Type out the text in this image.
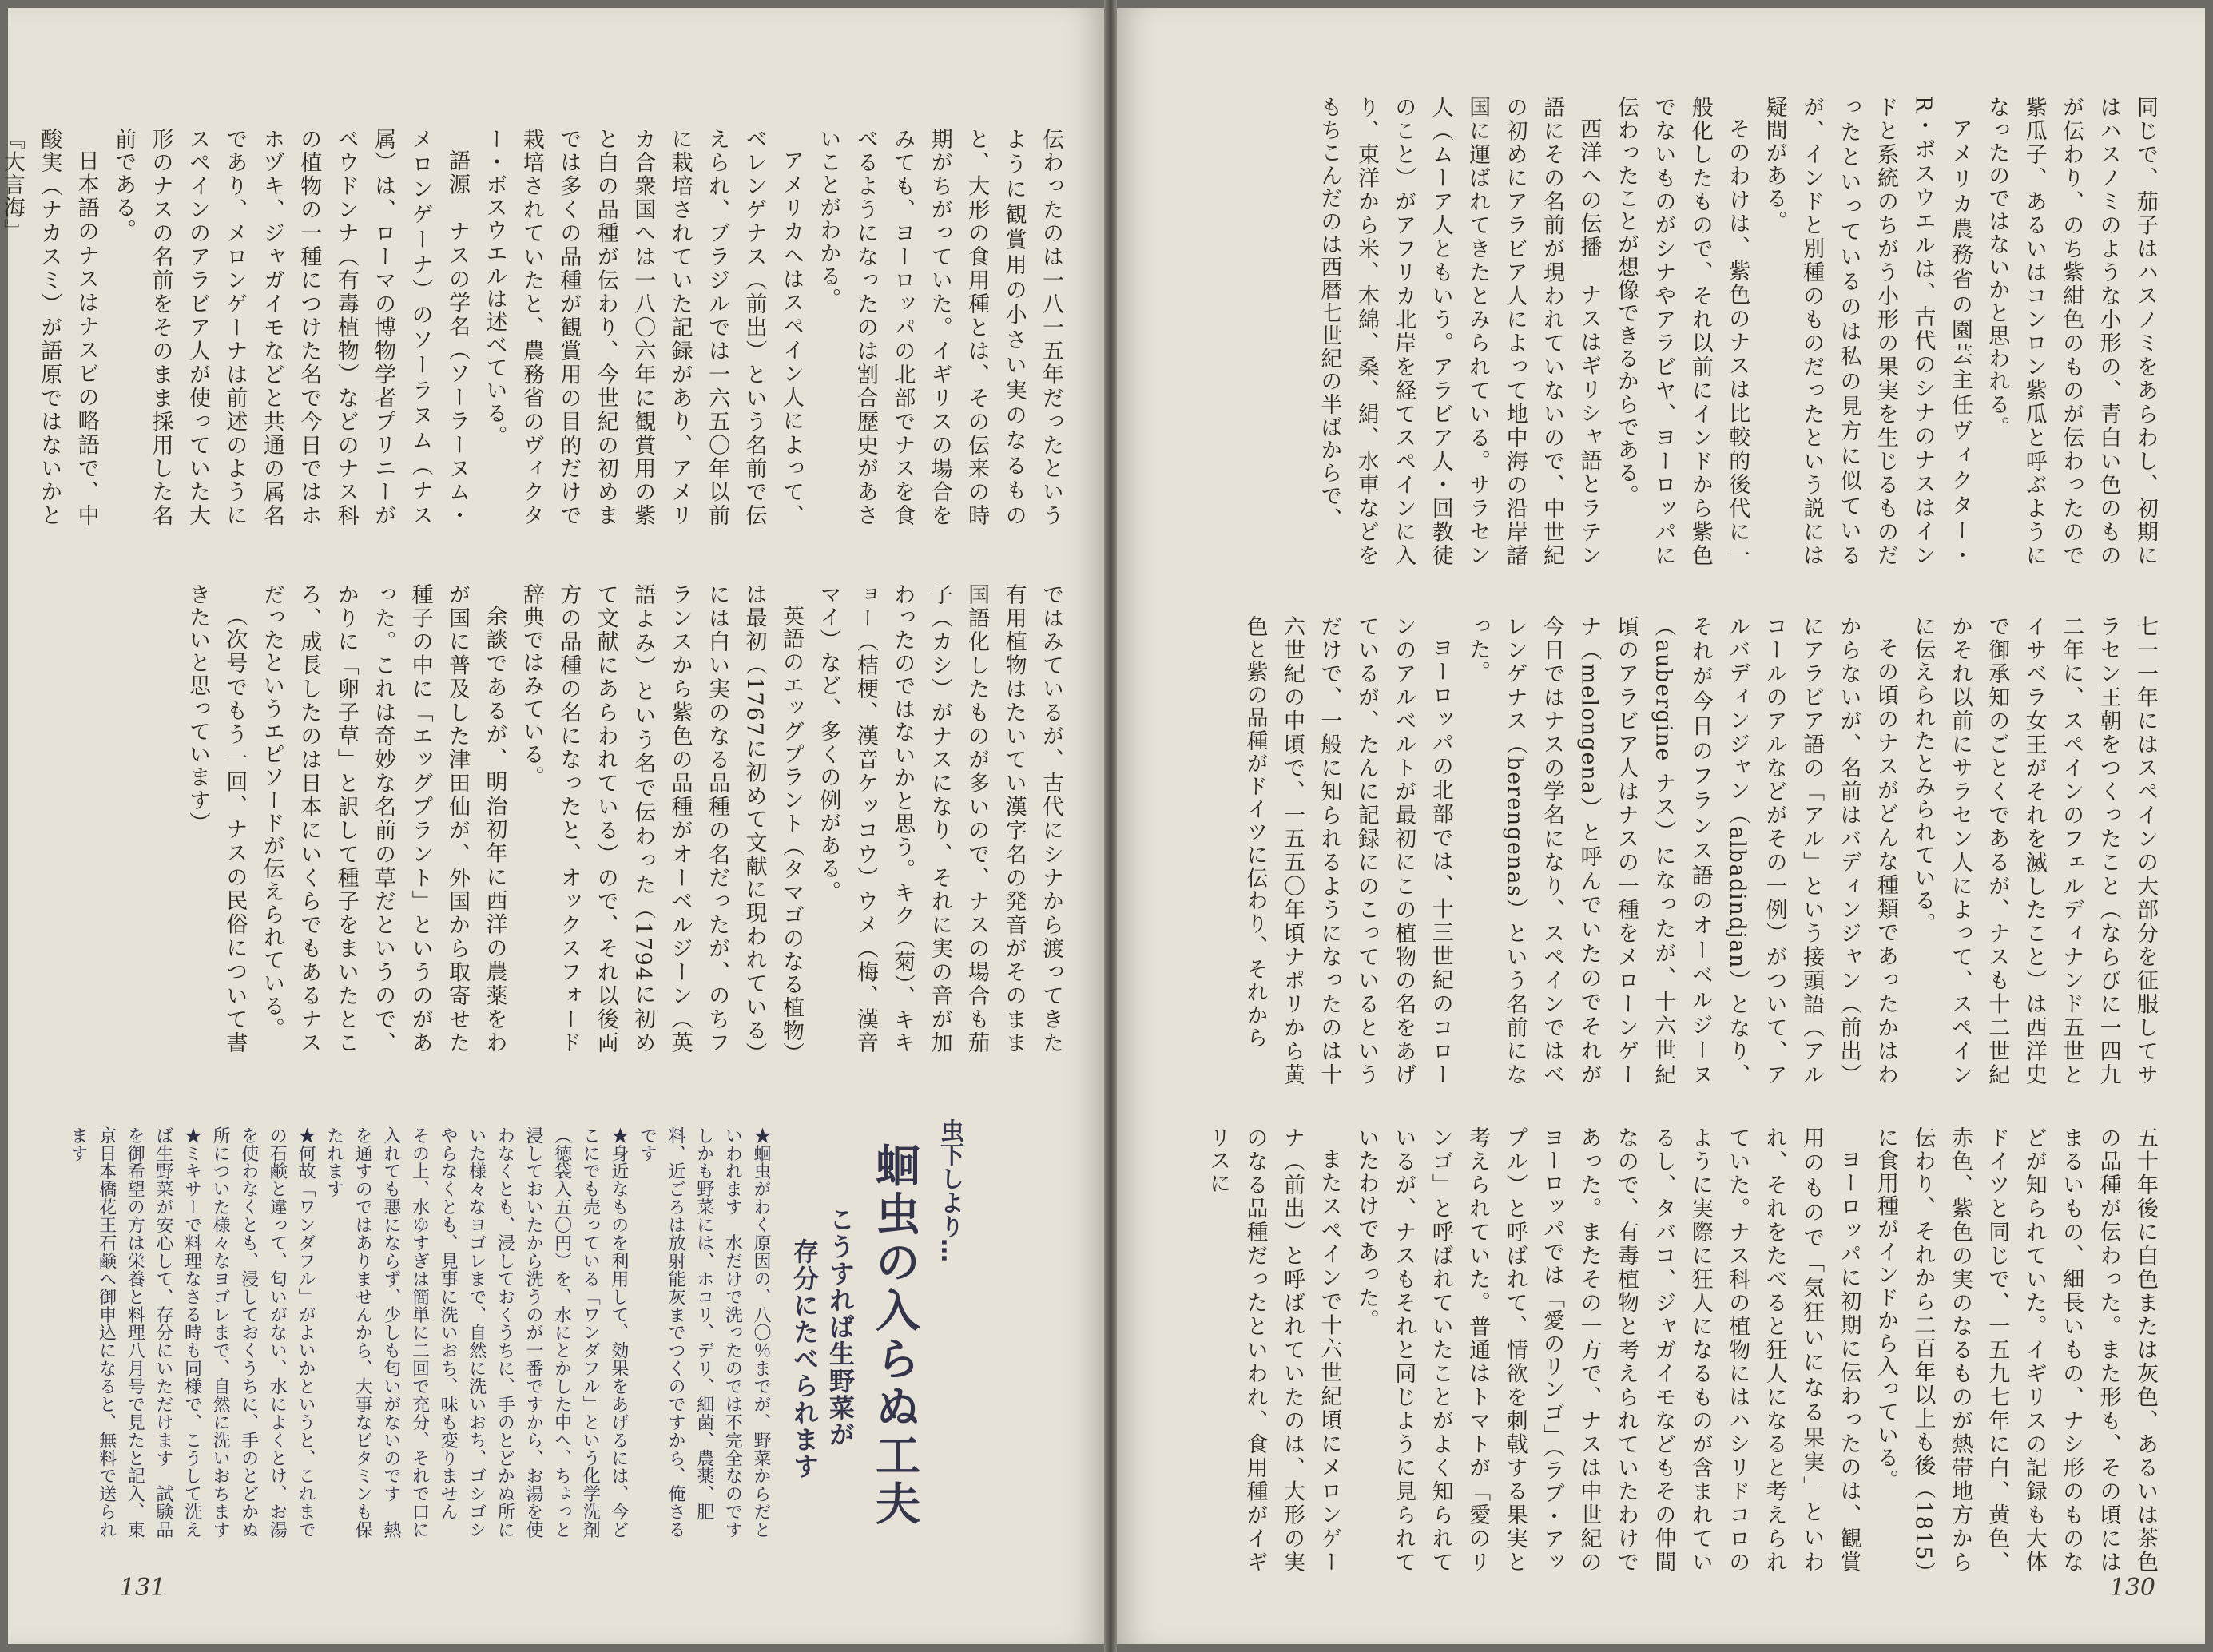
伝わったのは一八一五年だったというように観賞用の小さい実のなるものと、大形の食用種とは、その伝来の時期がちがっていた。イギリスの場合をみても、ヨーロッパの北部でナスを食べるようになったのは割合歴史があさいことがわかる。

アメリカへはスペイン人によって、ベレンゲナス（前出）という名前で伝えられ、ブラジルでは一六五〇年以前に栽培されていた記録があり、アメリカ合衆国へは一八〇六年に観賞用の紫と白の品種が伝わり、今世紀の初めまでは多くの品種が観賞用の目的だけで栽培されていたと、農務省のヴィクター・ボスウエルは述べている。

語源　ナスの学名（ソーラーヌム・メロンゲーナ）のソーラヌム（ナス属）は、ローマの博物学者プリニーがベウドンナ（有毒植物）などのナス科の植物の一種につけた名で今日ではホホヅキ、ジャガイモなどと共通の属名であり、メロンゲーナは前述のようにスペインのアラビア人が使っていた大形のナスの名前をそのまま採用した名前である。

日本語のナスはナスビの略語で、中酸実（ナカスミ）が語原ではないかと『大言海』

ではみているが、古代にシナから渡ってきた有用植物はたいてい漢字名の発音がそのまま国語化したものが多いので、ナスの場合も茄子（カシ）がナスになり、それに実の音が加わったのではないかと思う。キク（菊）、キキョー（桔梗、漢音ケッコウ）ウメ（梅、漢音マイ）など、多くの例がある。

英語のエッグプラント（タマゴのなる植物）は最初（1767に初めて文献に現われている）には白い実のなる品種の名だったが、のちフランスから紫色の品種がオーベルジーン（英語よみ）という名で伝わった（1794に初めて文献にあらわれている）ので、それ以後両方の品種の名になったと、オックスフォード辞典ではみている。

余談であるが、明治初年に西洋の農薬をわが国に普及した津田仙が、外国から取寄せた種子の中に「エッグプラント」というのがあった。これは奇妙な名前の草だというので、かりに「卵子草」と訳して種子をまいたところ、成長したのは日本にいくらでもあるナスだったというエピソードが伝えられている。

（次号でもう一回、ナスの民俗について書きたいと思っています）

虫下しより…
蛔虫の入らぬ工夫
こうすれば生野菜が
存分にたべられます

★蛔虫がわく原因の、八〇％までが、野菜からだといわれます　水だけで洗ったのでは不完全なのです　しかも野菜には、ホコリ、デリ、細菌、農薬、肥料、近ごろは放射能灰までつくのですから、俺さるです

★身近なものを利用して、効果をあげるには、今どこにでも売っている「ワンダフル」という化学洗剤（徳袋入五〇円）を、水にとかした中へ、ちょっと浸しておいたから洗うのが一番ですから、お湯を使わなくとも、浸しておくうちに、手のとどかぬ所にいた様々なヨゴレまで、自然に洗いおち、ゴシゴシやらなくとも、見事に洗いおち、味も変りません　その上、水ゆすぎは簡単に二回で充分、それで口に入れても悪にならず、少しも匂いがないのです　熱を通すのではありませんから、大事なビタミンも保たれます

★何故「ワンダフル」がよいかというと、これまでの石鹸と違って、匂いがない、水によくとけ、お湯を使わなくとも、浸しておくうちに、手のとどかぬ所についた様々なヨゴレまで、自然に洗いおちます

★ミキサーで料理なさる時も同様で、こうして洗えば生野菜が安心して、存分にいただけます　試験品を御希望の方は栄養と料理八月号で見たと記入、東京日本橋花王石鹸へ御申込になると、無料で送られます

131

同じで、茄子はハスノミをあらわし、初期にはハスノミのような小形の、青白い色のものが伝わり、のち紫紺色のものが伝わったので紫瓜子、あるいはコンロン紫瓜と呼ぶようになったのではないかと思われる。

アメリカ農務省の園芸主任ヴィクター・R・ボスウエルは、古代のシナのナスはインドと系統のちがう小形の果実を生じるものだったといっているのは私の見方に似ているが、インドと別種のものだったという説には疑問がある。

そのわけは、紫色のナスは比較的後代に一般化したもので、それ以前にインドから紫色でないものがシナやアラビヤ、ヨーロッパに伝わったことが想像できるからである。

西洋への伝播　ナスはギリシャ語とラテン語にその名前が現われていないので、中世紀の初めにアラビア人によって地中海の沿岸諸国に運ばれてきたとみられている。サラセン人（ムーア人ともいう。アラビア人・回教徒のこと）がアフリカ北岸を経てスペインに入り、東洋から米、木綿、桑、絹、水車などをもちこんだのは西暦七世紀の半ばからで、

七一一年にはスペインの大部分を征服してサラセン王朝をつくったこと（ならびに一四九二年に、スペインのフェルディナンド五世とイサベラ女王がそれを滅したこと）は西洋史で御承知のごとくであるが、ナスも十二世紀かそれ以前にサラセン人によって、スペインに伝えられたとみられている。

その頃のナスがどんな種類であったかはわからないが、名前はバディンジャン（前出）にアラビア語の「アル」という接頭語（アルコールのアルなどがその一例）がついて、アルバディンジャン（albadindjan）となり、それが今日のフランス語のオーベルジーヌ（aubergine ナス）になったが、十六世紀頃のアラビア人はナスの一種をメローンゲーナ（melongena）と呼んでいたのでそれが今日ではナスの学名になり、スペインではベレンゲナス（berengenas）という名前になった。

ヨーロッパの北部では、十三世紀のコローンのアルベルトが最初にこの植物の名をあげているが、たんに記録にのこっているというだけで、一般に知られるようになったのは十六世紀の中頃で、一五五〇年頃ナポリから黄色と紫の品種がドイツに伝わり、それから

五十年後に白色または灰色、あるいは茶色の品種が伝わった。また形も、その頃にはまるいもの、細長いもの、ナシ形のものなどが知られていた。イギリスの記録も大体ドイツと同じで、一五九七年に白、黄色、赤色、紫色の実のなるものが熱帯地方から伝わり、それから二百年以上も後（1815）に食用種がインドから入っている。

ヨーロッパに初期に伝わったのは、観賞用のもので「気狂いになる果実」といわれ、それをたべると狂人になると考えられていた。ナス科の植物にはハシリドコロのように実際に狂人になるものが含まれているし、タバコ、ジャガイモなどもその仲間なので、有毒植物と考えられていたわけであった。またその一方で、ナスは中世紀のヨーロッパでは「愛のリンゴ」（ラブ・アップル）と呼ばれて、情欲を刺戟する果実と考えられていた。普通はトマトが「愛のリンゴ」と呼ばれていたことがよく知られているが、ナスもそれと同じように見られていたわけであった。

またスペインで十六世紀頃にメロンゲーナ（前出）と呼ばれていたのは、大形の実のなる品種だったといわれ、食用種がイギリスに

130
